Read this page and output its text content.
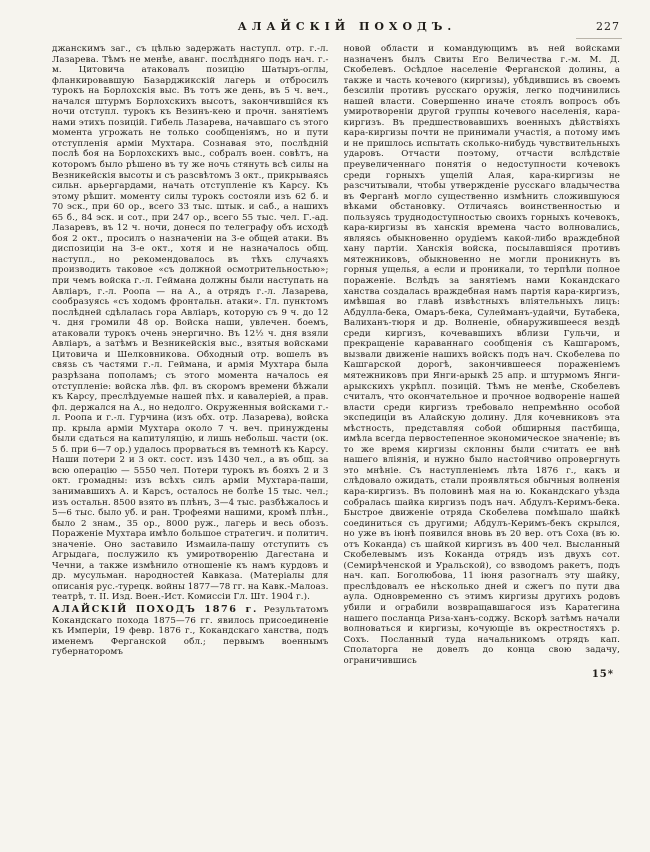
АЛАЙСКІЙ ПОХОДЪ.	227

джанскимъ заг., съ цѣлью задержать наступл. отр. г.-л. Лазарева. Тѣмъ не менѣе, аванг. послѣдняго подъ нач. г.-м. Цитовича атаковалъ позицію Шатыръ-оглы, фланкировавшую Базарджикскій лагерь и отбросилъ турокъ на Борлохскія выс. Въ тотъ же день, въ 5 ч. веч., начался штурмъ Борлохскихъ высотъ, закончившійся къ ночи отступл. турокъ къ Везинъ-кею и прочн. занятіемъ нами этихъ позицій. Гибель Лазарева, начавшаго съ этого момента угрожать не только сообщеніямъ, но и пути отступленія арміи Мухтара. Сознавая это, послѣдній послѣ боя на Борлохскихъ выс., собралъ воен. совѣтъ, на которомъ было рѣшено въ ту же ночь стянуть всѣ силы на Везникейскія высоты и съ разсвѣтомъ 3 окт., прикрываясь сильн. арьергардами, начать отступленіе къ Карсу. Къ этому рѣшит. моменту силы турокъ состояли изъ 62 б. и 70 эск., при 60 ор., всего 33 тыс. штык. и саб., а нашихъ 65 б., 84 эск. и сот., при 247 ор., всего 55 тыс. чел. Г.-ад. Лазаревъ, въ 12 ч. ночи, донеся по телеграфу объ исходѣ боя 2 окт., просилъ о назначеніи на 3-е общей атаки. Въ диспозиціи на 3-е окт., хотя и не назначалось общ. наступл., но рекомендовалось въ тѣхъ случаяхъ производить таковое «съ должной осмотрительностью»; при чемъ войска г.-л. Геймана должны были наступать на Авліаръ, г.-л. Роопа — на А., а отрядъ г.-л. Лазарева, сообразуясь «съ ходомъ фронтальн. атаки». Гл. пунктомъ послѣдней сдѣлалась гора Авліаръ, которую съ 9 ч. до 12 ч. дня громили 48 ор. Войска наши, увлечен. боемъ, атаковали турокъ очень энергично. Въ 12½ ч. дня взяли Авліаръ, а затѣмъ и Везникейскія выс., взятыя войсками Цитовича и Шелковникова. Обходный отр. вошелъ въ связь съ частями г.-л. Геймана, и армія Мухтара была разрѣзана пополамъ; съ этого момента началось ея отступленіе: войска лѣв. фл. въ скоромъ времени бѣжали къ Карсу, преслѣдуемые нашей пѣх. и кавалеріей, а прав. фл. держался на А., но недолго. Окруженныя войсками г.-л. Роопа и г.-л. Гурчина (изъ обх. отр. Лазарева), войска пр. крыла арміи Мухтара около 7 ч. веч. принуждены были сдаться на капитуляцію, и лишь небольш. части (ок. 5 б. при 6—7 ор.) удалось прорваться въ темнотѣ къ Карсу. Наши потери 2 и 3 окт. сост. изъ 1430 чел., а въ общ. за всю операцію — 5550 чел. Потери турокъ въ бояхъ 2 и 3 окт. громадны: изъ всѣхъ силъ арміи Мухтара-паши, занимавшихъ А. и Карсъ, осталось не болѣе 15 тыс. чел.; изъ остальн. 8500 взято въ плѣнъ, 3—4 тыс. разбѣжалось и 5—6 тыс. было уб. и ран. Трофеями нашими, кромѣ плѣн., было 2 знам., 35 ор., 8000 руж., лагерь и весь обозъ. Пораженіе Мухтара имѣло большое стратегич. и политич. значеніе. Оно заставило Измаила-пашу отступить съ Агрыдага, послужило къ умиротворенію Дагестана и Чечни, а также измѣнило отношеніе къ намъ курдовъ и др. мусульман. народностей Кавказа. (Матеріалы для описанія рус.-турецк. войны 1877—78 гг. на Кавк.-Малоаз. театрѣ, т. II. Изд. Воен.-Ист. Комиссіи Гл. Шт. 1904 г.).

АЛАЙСКІЙ ПОХОДЪ 1876 г. Результатомъ Кокандскаго похода 1875—76 гг. явилось присоединеніе къ Имперіи, 19 февр. 1876 г., Кокандскаго ханства, подъ именемъ Ферганской обл.; первымъ военнымъ губернаторомъ

новой области и командующимъ въ ней войсками назначенъ былъ Свиты Его Величества г.-м. М. Д. Скобелевъ. Осѣдлое населеніе Ферганской долины, а также и часть кочевого (киргизы), убѣдившись въ своемъ безсиліи противъ русскаго оружія, легко подчинились нашей власти. Совершенно иначе стоялъ вопросъ объ умиротвореніи другой группы кочевого населенія, кара-киргизъ. Въ предшествовавшихъ военныхъ дѣйствіяхъ кара-киргизы почти не принимали участія, а потому имъ и не пришлось испытать сколько-нибудь чувствительныхъ ударовъ. Отчасти поэтому, отчасти вслѣдствіе преувеличеннаго понятія о недоступности кочевокъ среди горныхъ ущелій Алая, кара-киргизы не разсчитывали, чтобы утвержденіе русскаго владычества въ Ферганѣ могло существенно измѣнить сложившуюся вѣками обстановку. Отличаясь воинственностью и пользуясь труднодоступностью своихъ горныхъ кочевокъ, кара-киргизы въ ханскія времена часто волновались, являясь обыкновенно орудіемъ какой-либо враждебной хану партіи. Ханскія войска, посылавшіяся противъ мятежниковъ, обыкновенно не могли проникнуть въ горныя ущелья, а если и проникали, то терпѣли полное пораженіе. Вслѣдъ за занятіемъ нами Кокандскаго ханства создалась враждебная намъ партія кара-киргизъ, имѣвшая во главѣ извѣстныхъ вліятельныхъ лицъ: Абдулла-бека, Омаръ-бека, Сулейманъ-удайчи, Бутабека, Валиханъ-тюря и др. Волненіе, обнаружившееся вездѣ среди киргизъ, кочевавшихъ вблизи Гульчи, и прекращеніе караваннаго сообщенія съ Кашгаромъ, вызвали движеніе нашихъ войскъ подъ нач. Скобелева по Кашгарской дорогѣ, закончившееся пораженіемъ мятежниковъ при Янги-арыкѣ 25 апр. и штурмомъ Янги-арыкскихъ укрѣпл. позицій. Тѣмъ не менѣе, Скобелевъ считалъ, что окончательное и прочное водвореніе нашей власти среди киргизъ требовало непремѣнно особой экспедиціи въ Алайскую долину. Для кочевниковъ эта мѣстность, представляя собой обширныя пастбища, имѣла всегда первостепенное экономическое значеніе; въ то же время киргизы склонны были считать ее внѣ нашего вліянія, и нужно было настойчиво опровергнуть это мнѣніе. Съ наступленіемъ лѣта 1876 г., какъ и слѣдовало ожидать, стали проявляться обычныя волненія кара-киргизъ. Въ половинѣ мая на ю. Кокандскаго уѣзда собралась шайка киргизъ подъ нач. Абдулъ-Керимъ-бека. Быстрое движеніе отряда Скобелева помѣшало шайкѣ соединиться съ другими; Абдулъ-Керимъ-бекъ скрылся, но уже въ іюнѣ появился вновь въ 20 вер. отъ Соха (въ ю. отъ Коканда) съ шайкой киргизъ въ 400 чел. Высланный Скобелевымъ изъ Коканда отрядъ изъ двухъ сот. (Семирѣченской и Уральской), со взводомъ ракетъ, подъ нач. кап. Боголюбова, 11 іюня разогналъ эту шайку, преслѣдовалъ ее нѣсколько дней и сжегъ по пути два аула. Одновременно съ этимъ киргизы другихъ родовъ убили и ограбили возвращавшагося изъ Каратегина нашего посланца Риза-ханъ-соджу. Вскорѣ затѣмъ начали волноваться и киргизы, кочующіе въ окрестностяхъ р. Сохъ. Посланный туда начальникомъ отрядъ кап. Сполаторга не довелъ до конца свою задачу, ограничившись

15*
